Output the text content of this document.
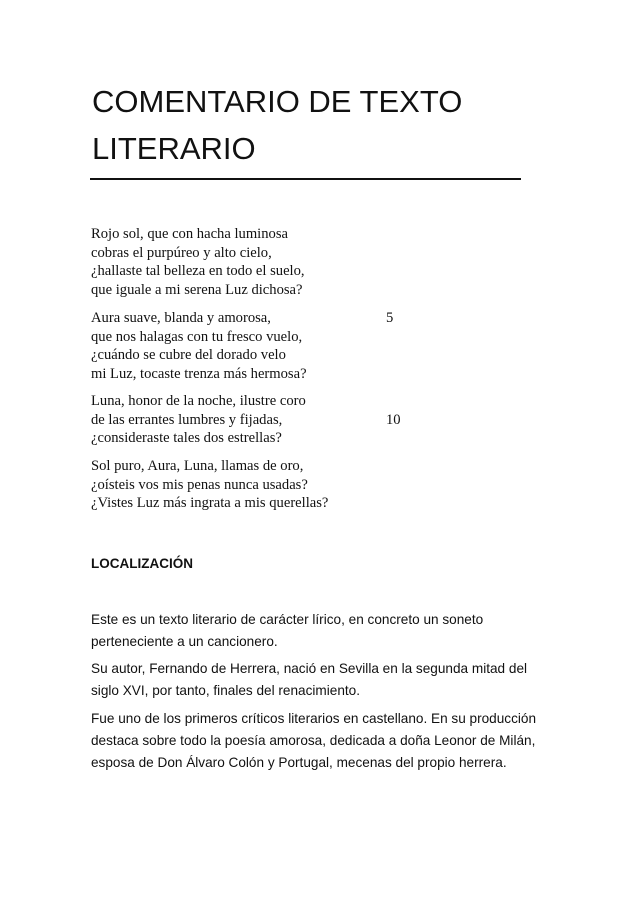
COMENTARIO DE TEXTO
LITERARIO
Rojo sol, que con hacha luminosa
cobras el purpúreo y alto cielo,
¿hallaste tal belleza en todo el suelo,
que iguale a mi serena Luz dichosa?
Aura suave, blanda y amorosa,	5
que nos halagas con tu fresco vuelo,
¿cuándo se cubre del dorado velo
mi Luz, tocaste trenza más hermosa?
Luna, honor de la noche, ilustre coro
de las errantes lumbres y fijadas,	10
¿consideraste tales dos estrellas?
Sol puro, Aura, Luna, llamas de oro,
¿oísteis vos mis penas nunca usadas?
¿Vistes Luz más ingrata a mis querellas?
LOCALIZACIÓN

Este es un texto literario de carácter lírico, en concreto un soneto
perteneciente a un cancionero.

Su autor, Fernando de Herrera, nació en Sevilla en la segunda mitad del
siglo XVI, por tanto, finales del renacimiento.

Fue uno de los primeros críticos literarios en castellano. En su producción
destaca sobre todo la poesía amorosa, dedicada a doña Leonor de Milán,
esposa de Don Álvaro Colón y Portugal, mecenas del propio herrera.
